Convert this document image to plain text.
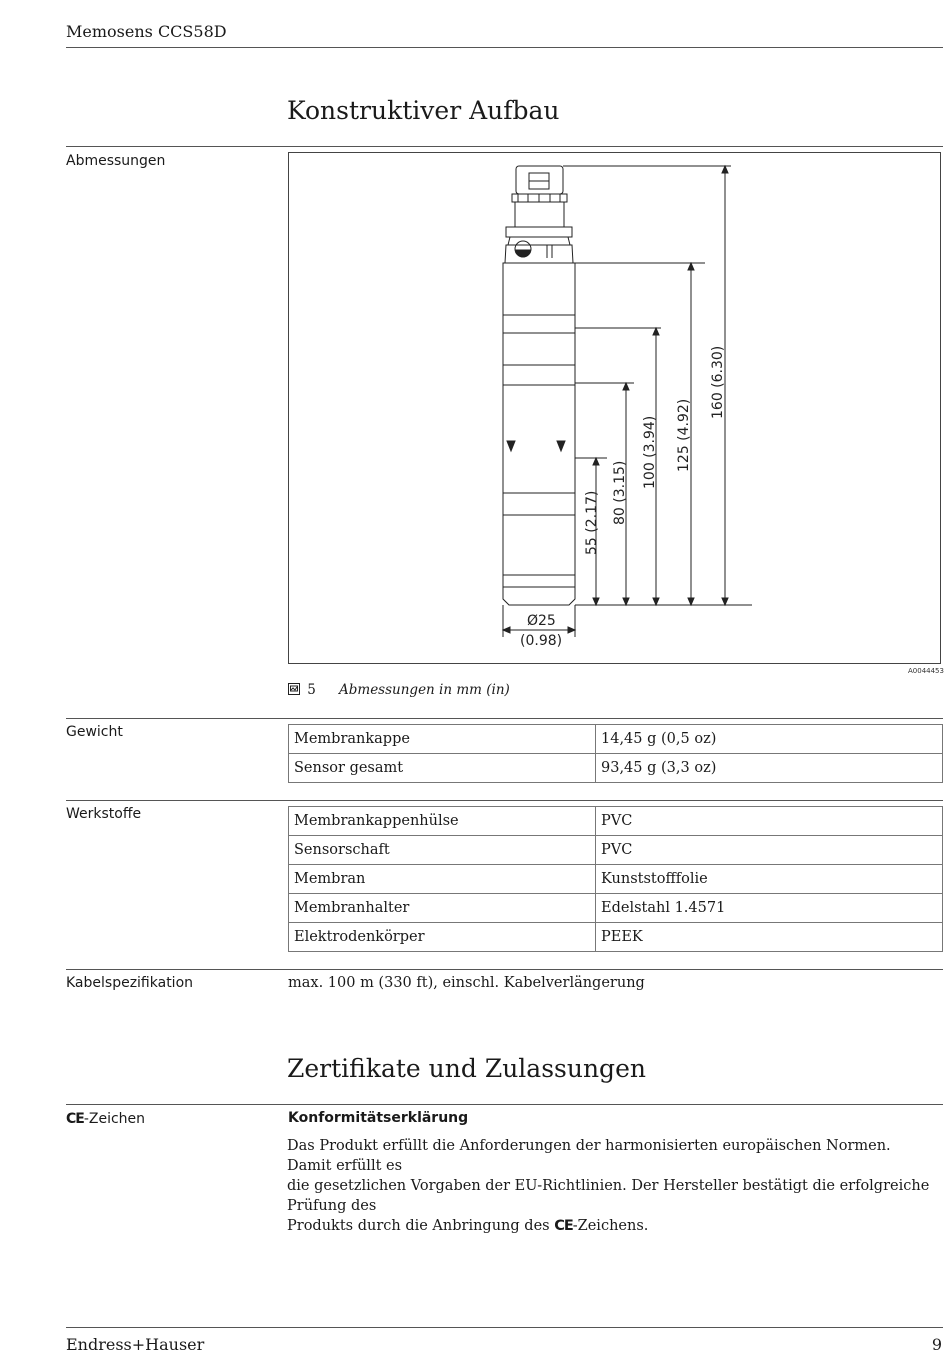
Memosens CCS58D
Konstruktiver Aufbau
Abmessungen
55 (2.17) 80 (3.15)
100 (3.94) 125 (4.92)
160 (6.30)
Ø25
(0.98)
A0044453
5 Abmessungen in mm (in)
Gewicht	Membrankappe	14,45 g (0,5 oz)
Sensor gesamt	93,45 g (3,3 oz)
Werkstoffe	Membrankappenhülse	PVC
Sensorschaft	PVC
Membran	Kunststofffolie
Membranhalter	Edelstahl 1.4571
Elektrodenkörper	PEEK
Kabelspezifikation	max. 100 m (330 ft), einschl. Kabelverlängerung
Zertifikate und Zulassungen
CE-Zeichen	Konformitätserklärung
Das Produkt erfüllt die Anforderungen der harmonisierten europäischen Normen. Damit erfüllt es
die gesetzlichen Vorgaben der EU-Richtlinien. Der Hersteller bestätigt die erfolgreiche Prüfung des
Produkts durch die Anbringung des CE-Zeichens.
Endress+Hauser	9
